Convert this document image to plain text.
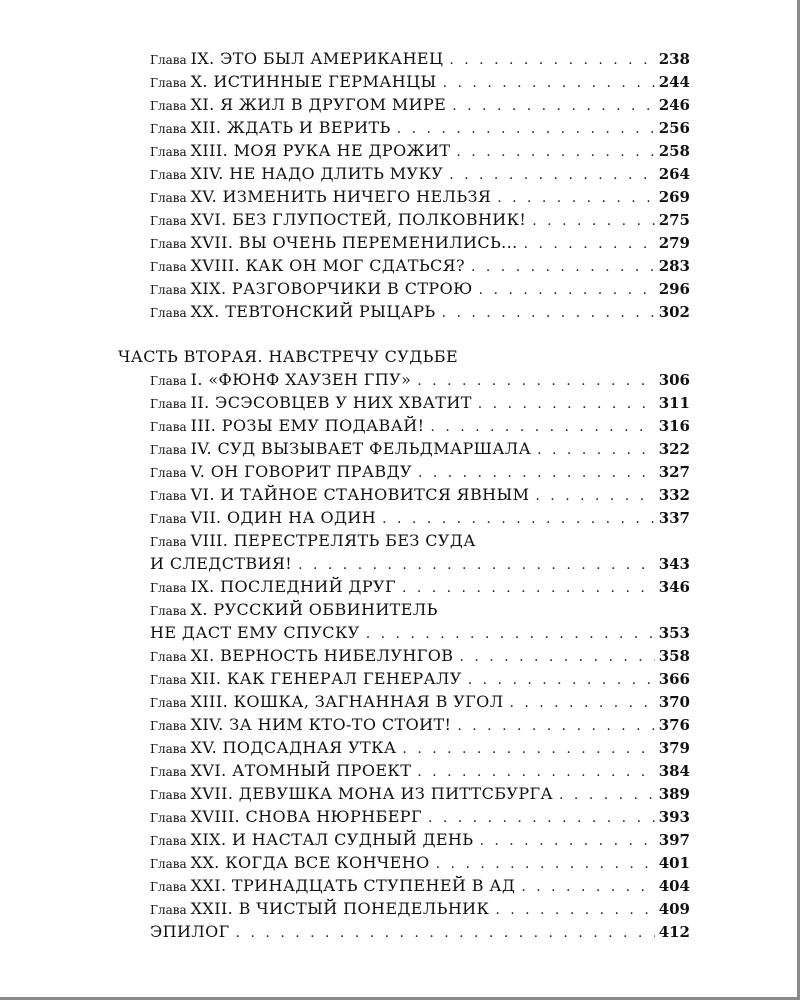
Глава IX. ЭТО БЫЛ АМЕРИКАНЕЦ . . .	238
Глава X. ИСТИННЫЕ ГЕРМАНЦЫ . . .	244
Глава XI. Я ЖИЛ В ДРУГОМ МИРЕ . . .	246
Глава XII. ЖДАТЬ И ВЕРИТЬ . . .	256
Глава XIII. МОЯ РУКА НЕ ДРОЖИТ . . .	258
Глава XIV. НЕ НАДО ДЛИТЬ МУКУ . . .	264
Глава XV. ИЗМЕНИТЬ НИЧЕГО НЕЛЬЗЯ . . .	269
Глава XVI. БЕЗ ГЛУПОСТЕЙ, ПОЛКОВНИК! . . .	275
Глава XVII. ВЫ ОЧЕНЬ ПЕРЕМЕНИЛИСЬ... . . .	279
Глава XVIII. КАК ОН МОГ СДАТЬСЯ? . . .	283
Глава XIX. РАЗГОВОРЧИКИ В СТРОЮ . . .	296
Глава XX. ТЕВТОНСКИЙ РЫЦАРЬ . . .	302
ЧАСТЬ ВТОРАЯ. НАВСТРЕЧУ СУДЬБЕ
Глава I. «ФЮНФ ХАУЗЕН ГПУ» . . .	306
Глава II. ЭСЭСОВЦЕВ У НИХ ХВАТИТ . . .	311
Глава III. РОЗЫ ЕМУ ПОДАВАЙ! . . .	316
Глава IV. СУД ВЫЗЫВАЕТ ФЕЛЬДМАРШАЛА . . .	322
Глава V. ОН ГОВОРИТ ПРАВДУ . . .	327
Глава VI. И ТАЙНОЕ СТАНОВИТСЯ ЯВНЫМ . . .	332
Глава VII. ОДИН НА ОДИН . . .	337
Глава VIII. ПЕРЕСТРЕЛЯТЬ БЕЗ СУДА
И СЛЕДСТВИЯ! . . .	343
Глава IX. ПОСЛЕДНИЙ ДРУГ . . .	346
Глава X. РУССКИЙ ОБВИНИТЕЛЬ
НЕ ДАСТ ЕМУ СПУСКУ . . .	353
Глава XI. ВЕРНОСТЬ НИБЕЛУНГОВ . . .	358
Глава XII. КАК ГЕНЕРАЛ ГЕНЕРАЛУ . . .	366
Глава XIII. КОШКА, ЗАГНАННАЯ В УГОЛ . . .	370
Глава XIV. ЗА НИМ КТО-ТО СТОИТ! . . .	376
Глава XV. ПОДСАДНАЯ УТКА . . .	379
Глава XVI. АТОМНЫЙ ПРОЕКТ . . .	384
Глава XVII. ДЕВУШКА МОНА ИЗ ПИТТСБУРГА . . .	389
Глава XVIII. СНОВА НЮРНБЕРГ . . .	393
Глава XIX. И НАСТАЛ СУДНЫЙ ДЕНЬ . . .	397
Глава XX. КОГДА ВСЕ КОНЧЕНО . . .	401
Глава XXI. ТРИНАДЦАТЬ СТУПЕНЕЙ В АД . . .	404
Глава XXII. В ЧИСТЫЙ ПОНЕДЕЛЬНИК . . .	409
ЭПИЛОГ . . .	412
